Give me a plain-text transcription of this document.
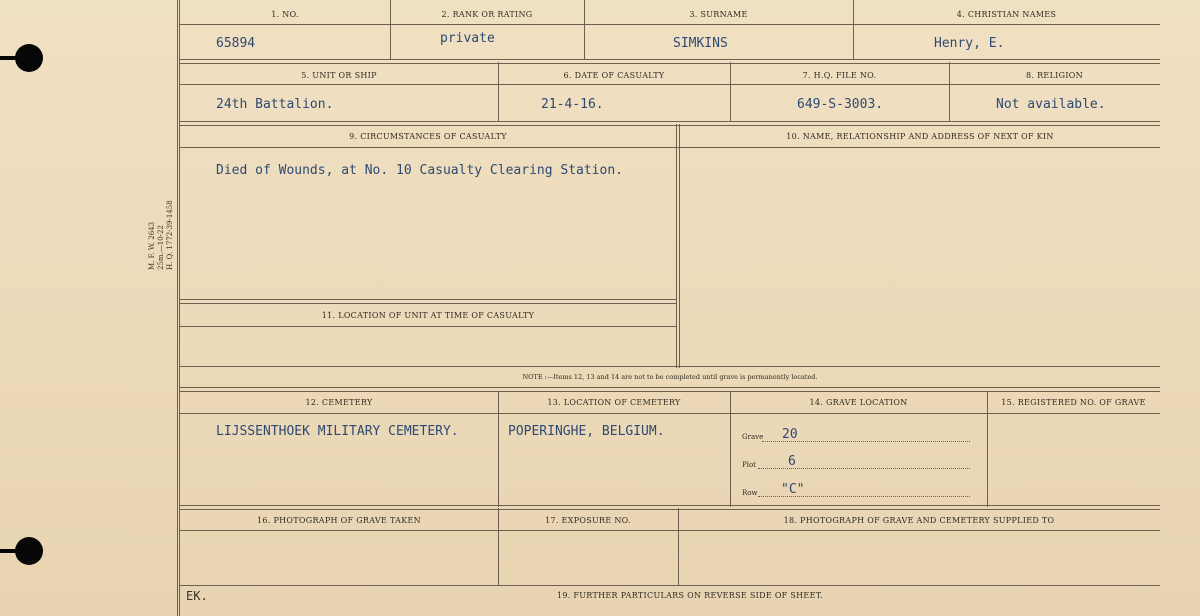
M. F. W. 2643 25m.—10-22 H. Q. 1772-39-1458
1. NO.	2. RANK OR RATING	3. SURNAME	4. CHRISTIAN NAMES
65894	private	SIMKINS	Henry, E.
5. UNIT OR SHIP	6. DATE OF CASUALTY	7. H.Q. FILE NO.	8. RELIGION
24th Battalion.	21-4-16.	649-S-3003.	Not available.
9. CIRCUMSTANCES OF CASUALTY	10. NAME, RELATIONSHIP AND ADDRESS OF NEXT OF KIN
Died of Wounds, at No. 10 Casualty Clearing Station.
11. LOCATION OF UNIT AT TIME OF CASUALTY
NOTE :—Items 12, 13 and 14 are not to be completed until grave is permanently located.
12. CEMETERY	13. LOCATION OF CEMETERY	14. GRAVE LOCATION	15. REGISTERED NO. OF GRAVE
LIJSSENTHOEK MILITARY CEMETERY.	POPERINGHE, BELGIUM.	Grave 20
Plot 6
Row "C"
16. PHOTOGRAPH OF GRAVE TAKEN	17. EXPOSURE NO.	18. PHOTOGRAPH OF GRAVE AND CEMETERY SUPPLIED TO
19. FURTHER PARTICULARS ON REVERSE SIDE OF SHEET.
EK.
